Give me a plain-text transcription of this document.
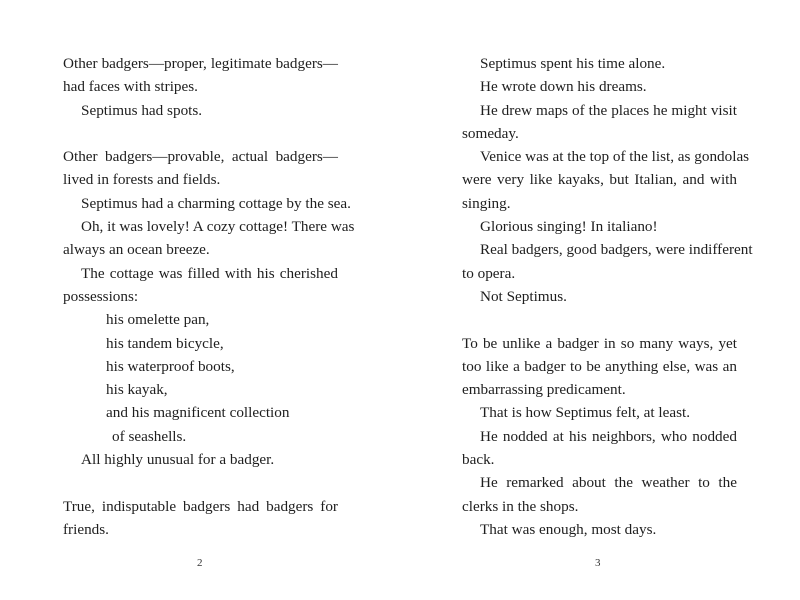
Other badgers—proper, legitimate badgers—
had faces with stripes.
Septimus had spots.
Other badgers—provable, actual badgers—
lived in forests and fields.
Septimus had a charming cottage by the sea.
Oh, it was lovely! A cozy cottage! There was
always an ocean breeze.
The cottage was filled with his cherished
possessions:
his omelette pan,
his tandem bicycle,
his waterproof boots,
his kayak,
and his magnificent collection
of seashells.
All highly unusual for a badger.
True, indisputable badgers had badgers for
friends.
Septimus spent his time alone.
He wrote down his dreams.
He drew maps of the places he might visit
someday.
Venice was at the top of the list, as gondolas
were very like kayaks, but Italian, and with
singing.
Glorious singing! In italiano!
Real badgers, good badgers, were indifferent
to opera.
Not Septimus.
To be unlike a badger in so many ways, yet
too like a badger to be anything else, was an
embarrassing predicament.
That is how Septimus felt, at least.
He nodded at his neighbors, who nodded
back.
He remarked about the weather to the
clerks in the shops.
That was enough, most days.
2	3
